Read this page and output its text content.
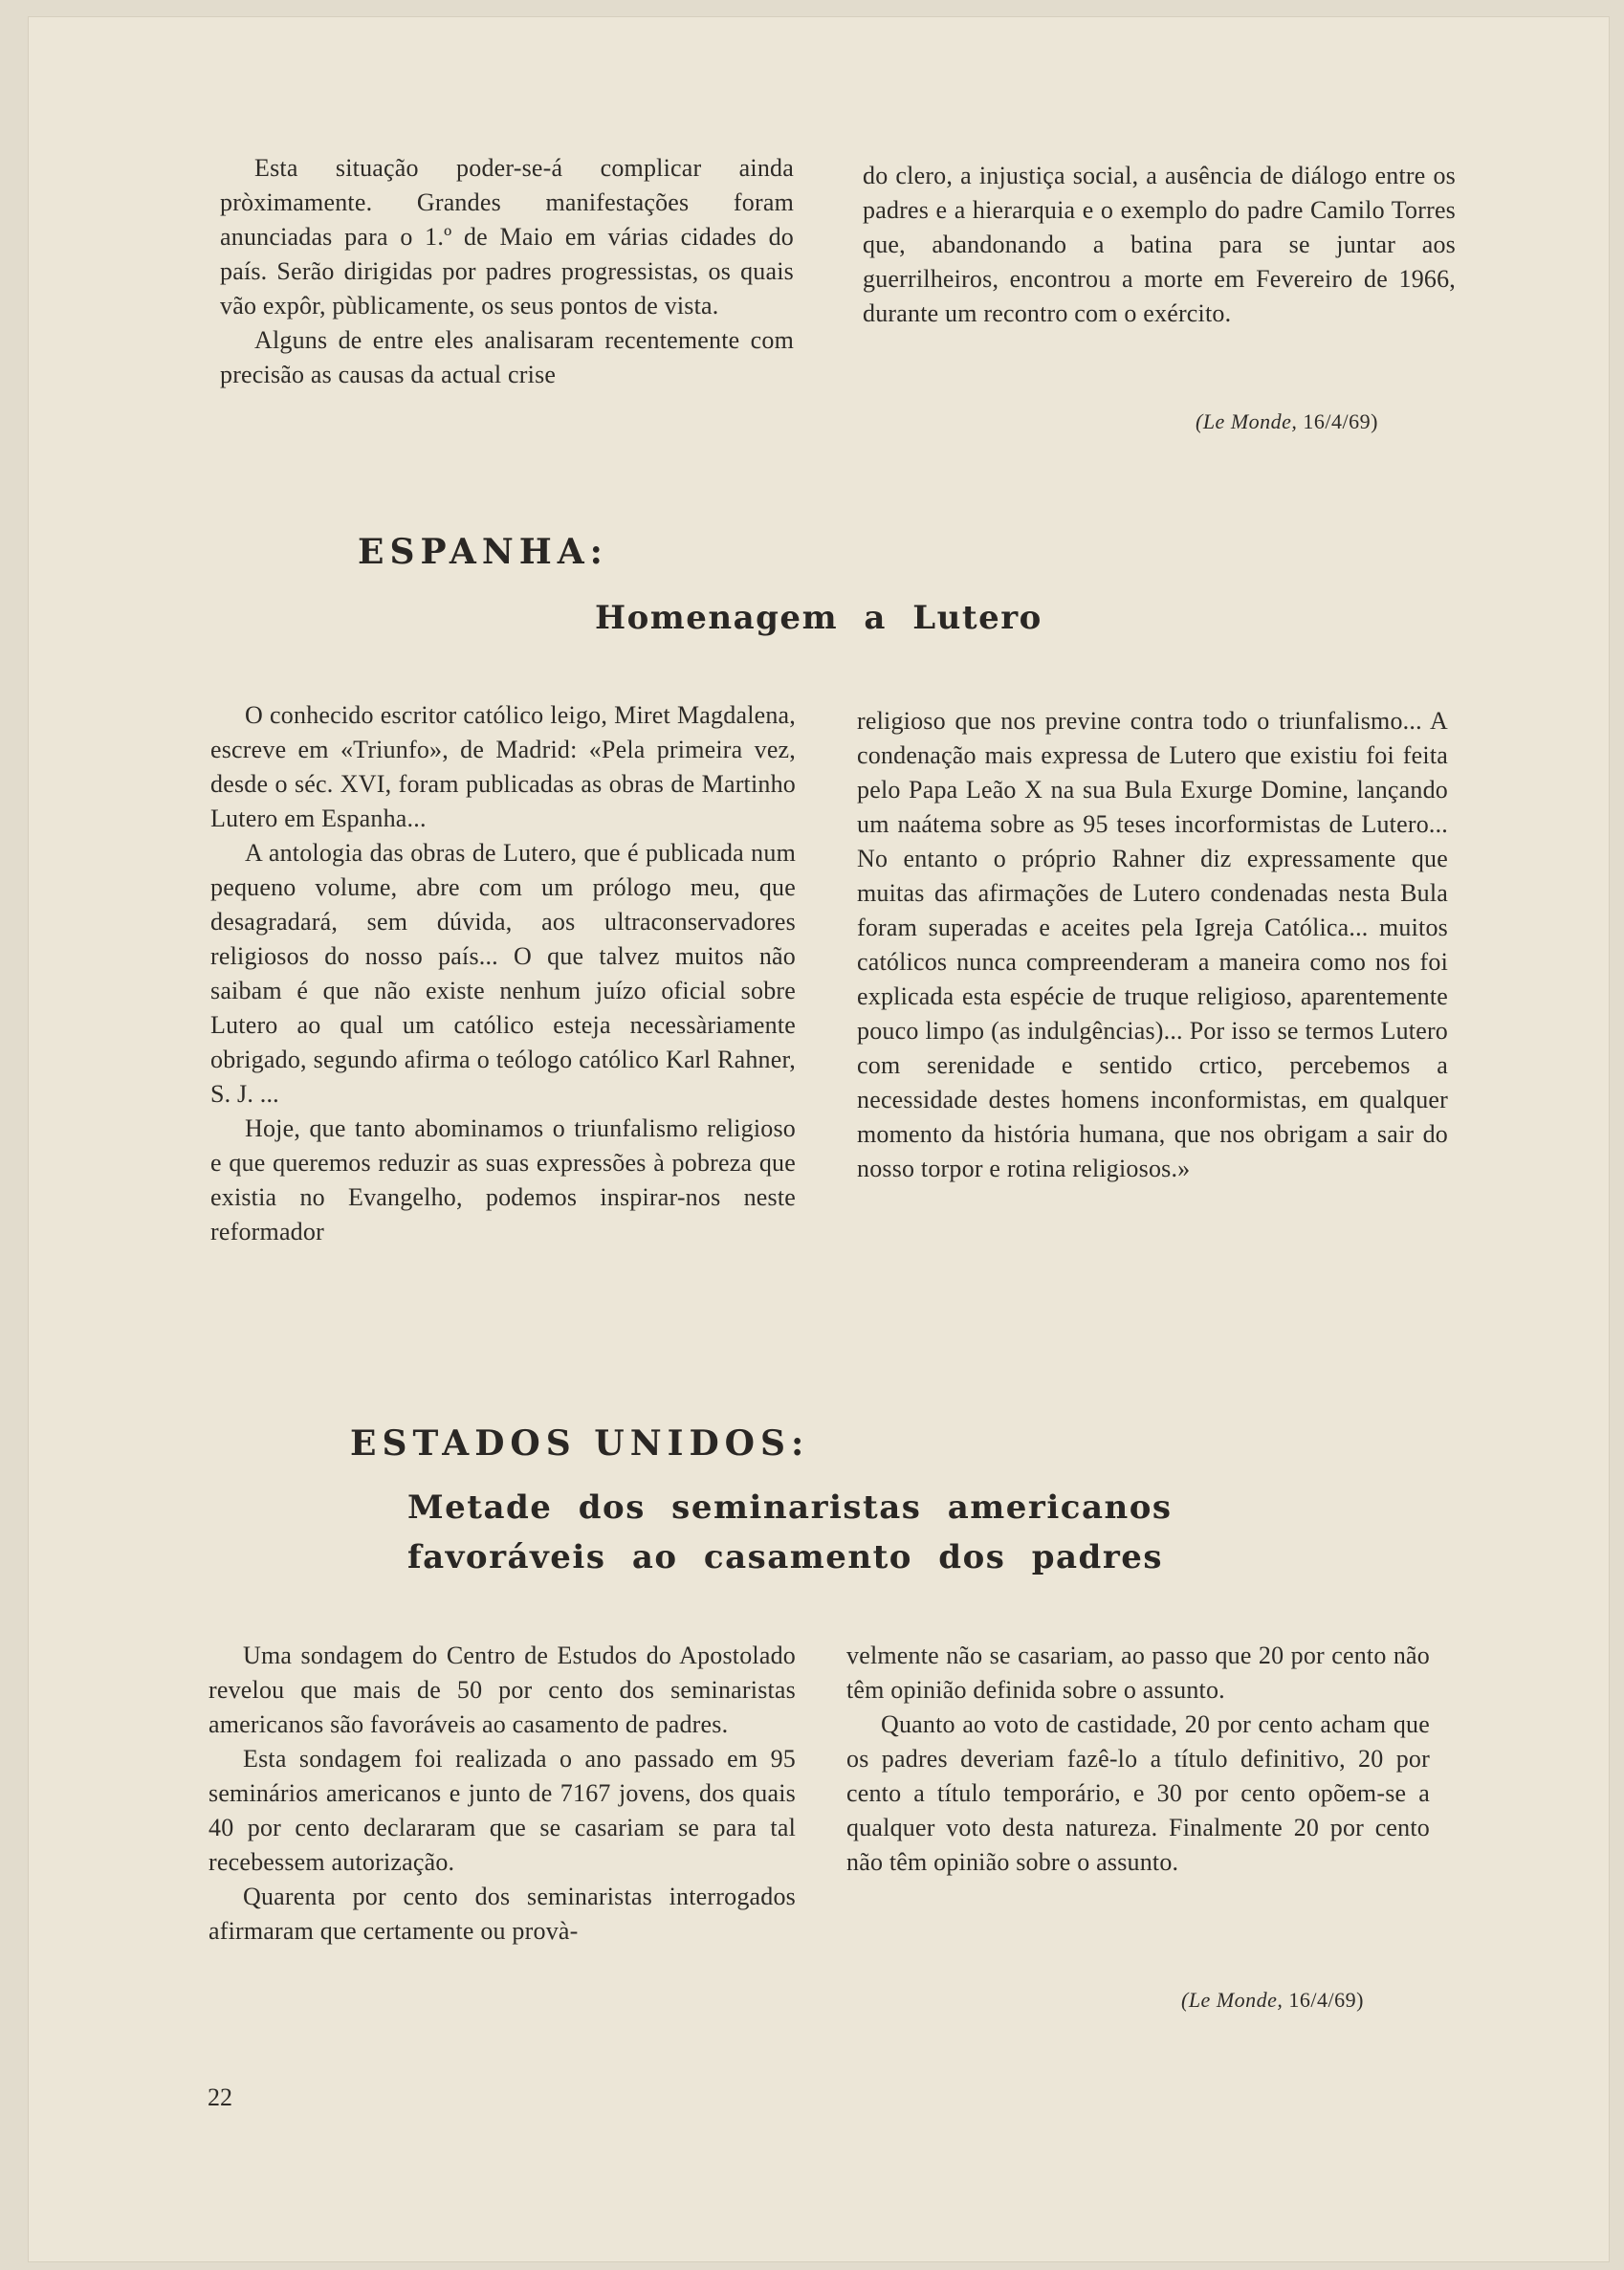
Esta situação poder-se-á complicar ainda pròximamente. Grandes manifestações foram anunciadas para o 1.º de Maio em várias cidades do país. Serão dirigidas por padres progressistas, os quais vão expôr, pùblicamente, os seus pontos de vista.

Alguns de entre eles analisaram recentemente com precisão as causas da actual crise

do clero, a injustiça social, a ausência de diálogo entre os padres e a hierarquia e o exemplo do padre Camilo Torres que, abandonando a batina para se juntar aos guerrilheiros, encontrou a morte em Fevereiro de 1966, durante um recontro com o exército.

(Le Monde, 16/4/69)
ESPANHA:
Homenagem a Lutero

O conhecido escritor católico leigo, Miret Magdalena, escreve em «Triunfo», de Madrid: «Pela primeira vez, desde o séc. XVI, foram publicadas as obras de Martinho Lutero em Espanha...

A antologia das obras de Lutero, que é publicada num pequeno volume, abre com um prólogo meu, que desagradará, sem dúvida, aos ultraconservadores religiosos do nosso país... O que talvez muitos não saibam é que não existe nenhum juízo oficial sobre Lutero ao qual um católico esteja necessàriamente obrigado, segundo afirma o teólogo católico Karl Rahner, S. J. ...

Hoje, que tanto abominamos o triunfalismo religioso e que queremos reduzir as suas expressões à pobreza que existia no Evangelho, podemos inspirar-nos neste reformador

religioso que nos previne contra todo o triunfalismo... A condenação mais expressa de Lutero que existiu foi feita pelo Papa Leão X na sua Bula Exurge Domine, lançando um naátema sobre as 95 teses incorformistas de Lutero... No entanto o próprio Rahner diz expressamente que muitas das afirmações de Lutero condenadas nesta Bula foram superadas e aceites pela Igreja Católica... muitos católicos nunca compreenderam a maneira como nos foi explicada esta espécie de truque religioso, aparentemente pouco limpo (as indulgências)... Por isso se termos Lutero com serenidade e sentido crtico, percebemos a necessidade destes homens inconformistas, em qualquer momento da história humana, que nos obrigam a sair do nosso torpor e rotina religiosos.»

ESTADOS UNIDOS:
Metade dos seminaristas americanos
favoráveis ao casamento dos padres

Uma sondagem do Centro de Estudos do Apostolado revelou que mais de 50 por cento dos seminaristas americanos são favoráveis ao casamento de padres.

Esta sondagem foi realizada o ano passado em 95 seminários americanos e junto de 7167 jovens, dos quais 40 por cento declararam que se casariam se para tal recebessem autorização.

Quarenta por cento dos seminaristas interrogados afirmaram que certamente ou provà-

velmente não se casariam, ao passo que 20 por cento não têm opinião definida sobre o assunto.

Quanto ao voto de castidade, 20 por cento acham que os padres deveriam fazê-lo a título definitivo, 20 por cento a título temporário, e 30 por cento opõem-se a qualquer voto desta natureza. Finalmente 20 por cento não têm opinião sobre o assunto.

(Le Monde, 16/4/69)
22
